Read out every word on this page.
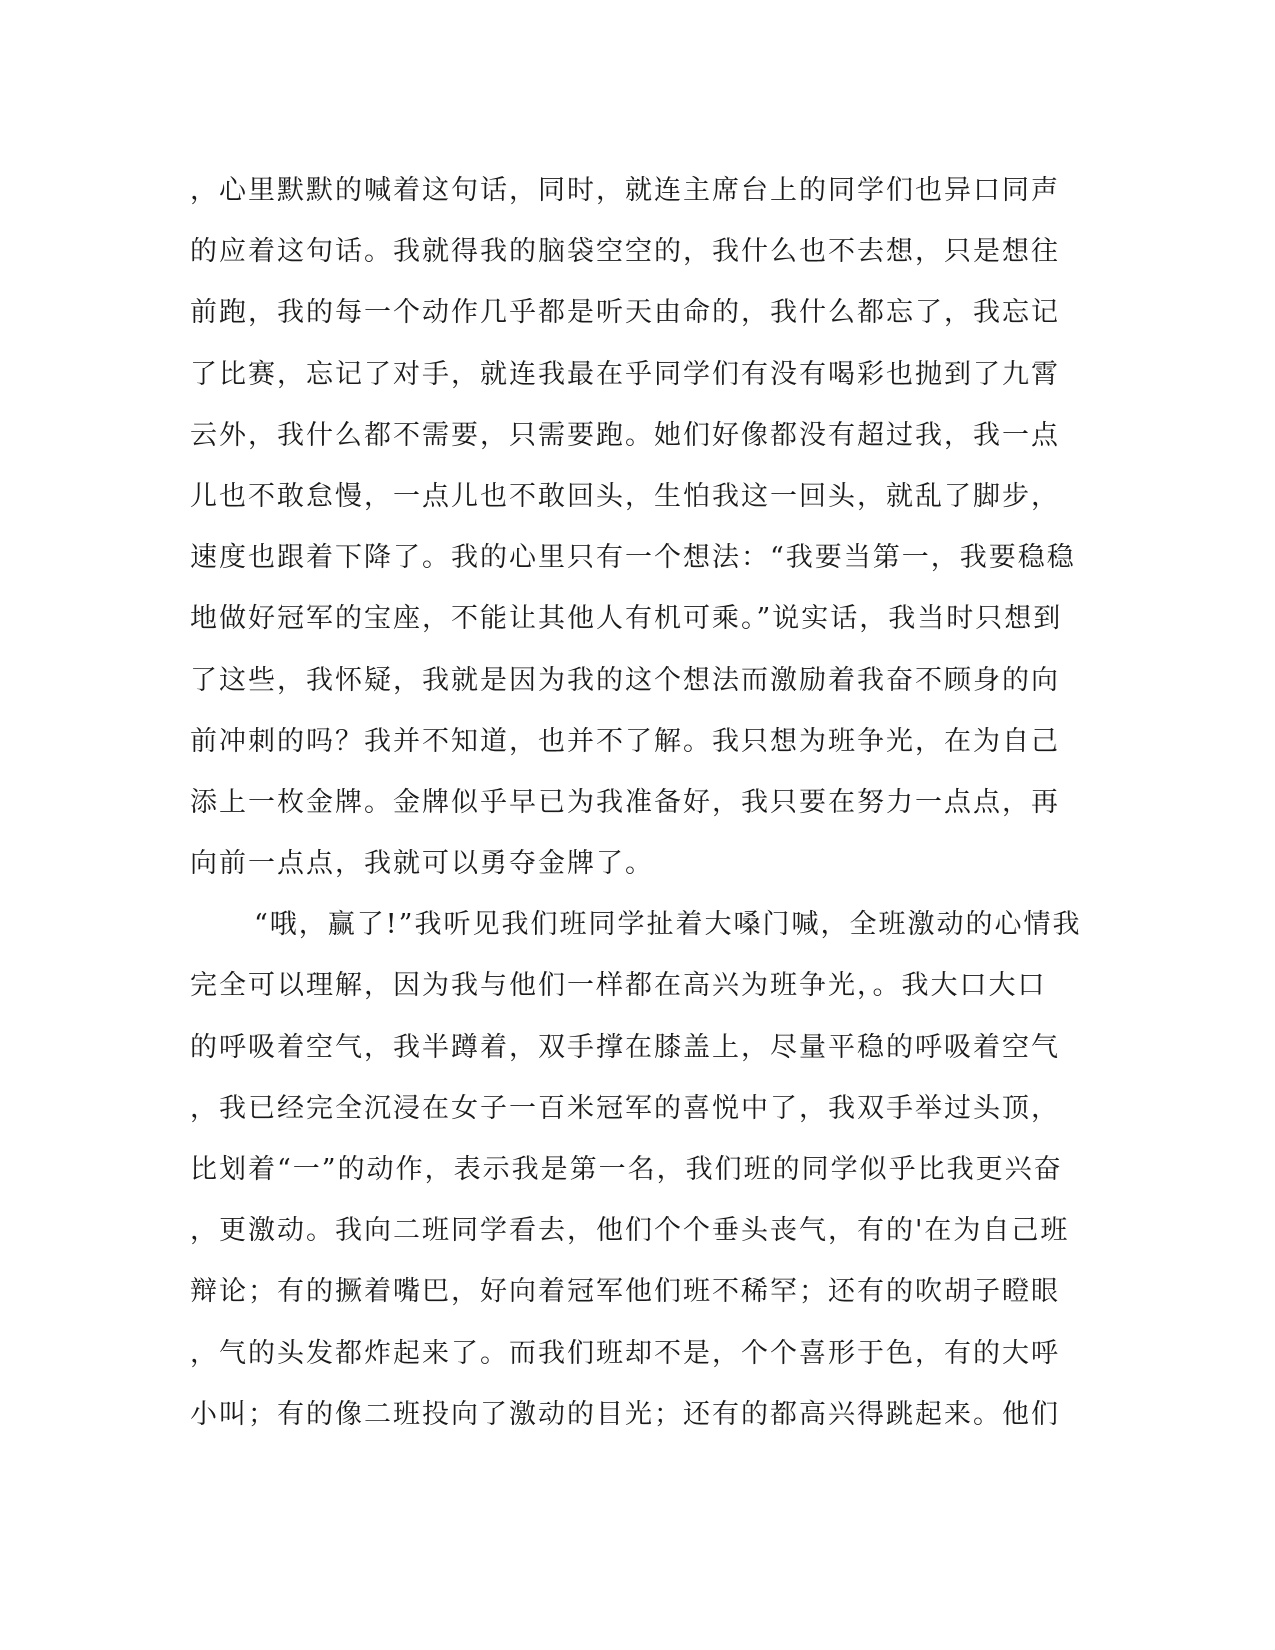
，心里默默的喊着这句话，同时，就连主席台上的同学们也异口同声
的应着这句话。我就得我的脑袋空空的，我什么也不去想，只是想往
前跑，我的每一个动作几乎都是听天由命的，我什么都忘了，我忘记
了比赛，忘记了对手，就连我最在乎同学们有没有喝彩也抛到了九霄
云外，我什么都不需要，只需要跑。她们好像都没有超过我，我一点
儿也不敢怠慢，一点儿也不敢回头，生怕我这一回头，就乱了脚步，
速度也跟着下降了。我的心里只有一个想法：“我要当第一，我要稳稳
地做好冠军的宝座，不能让其他人有机可乘。”说实话，我当时只想到
了这些，我怀疑，我就是因为我的这个想法而激励着我奋不顾身的向
前冲刺的吗？我并不知道，也并不了解。我只想为班争光，在为自己
添上一枚金牌。金牌似乎早已为我准备好，我只要在努力一点点，再
向前一点点，我就可以勇夺金牌了。
“哦，赢了!”我听见我们班同学扯着大嗓门喊，全班激动的心情我
完全可以理解，因为我与他们一样都在高兴为班争光，。我大口大口
的呼吸着空气，我半蹲着，双手撑在膝盖上，尽量平稳的呼吸着空气
，我已经完全沉浸在女子一百米冠军的喜悦中了，我双手举过头顶，
比划着“一”的动作，表示我是第一名，我们班的同学似乎比我更兴奋
，更激动。我向二班同学看去，他们个个垂头丧气，有的'在为自己班
辩论；有的撅着嘴巴，好向着冠军他们班不稀罕；还有的吹胡子瞪眼
，气的头发都炸起来了。而我们班却不是，个个喜形于色，有的大呼
小叫；有的像二班投向了激动的目光；还有的都高兴得跳起来。他们
